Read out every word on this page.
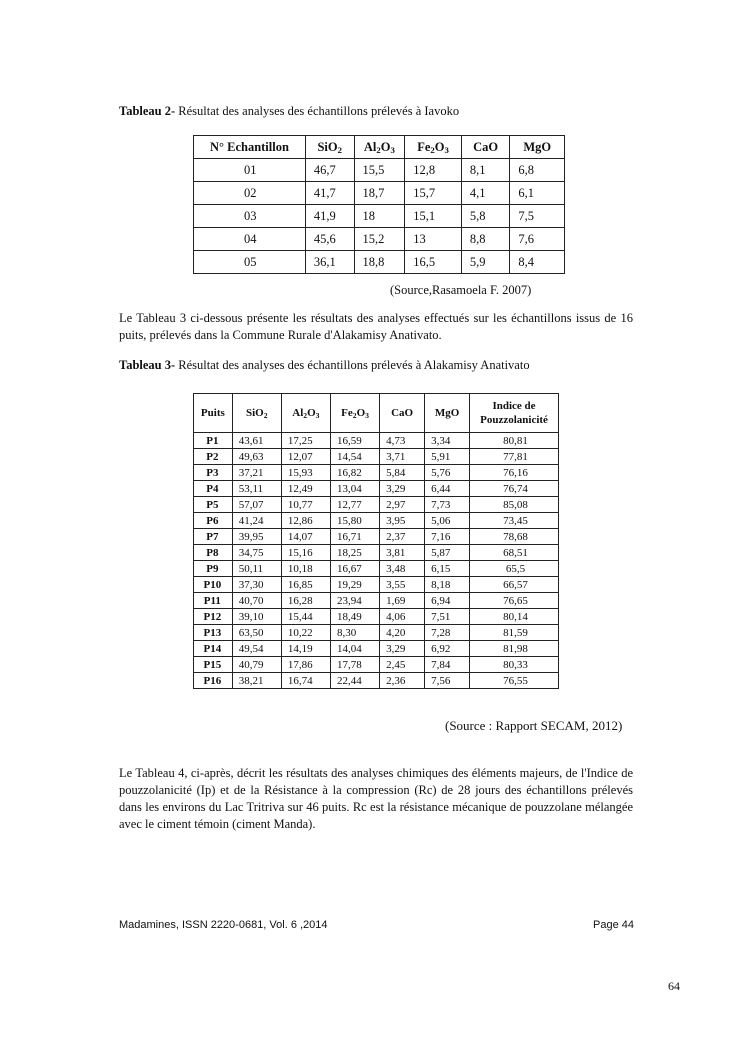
Tableau 2- Résultat des analyses des échantillons prélevés à Iavoko
N° Echantillon	SiO$_2$	$Al_2O_3$	$Fe_2O_3$	CaO	MgO
01	46,7	15,5	12,8	8,1	6,8
02	41,7	18,7	15,7	4,1	6,1
03	41,9	18	15,1	5,8	7,5
04	45,6	15,2	13	8,8	7,6
05	36,1	18,8	16,5	5,9	8,4
(Source,Rasamoela F. 2007)
Le Tableau 3 ci-dessous présente les résultats des analyses effectués sur les échantillons issus de 16 puits, prélevés dans la Commune Rurale d'Alakamisy Anativato.
Tableau 3- Résultat des analyses des échantillons prélevés à Alakamisy Anativato
Puits	SiO$_2$	$Al_2O_3$	$Fe_2O_3$	CaO	MgO	Indice de Pouzzolanicité
P1	43,61	17,25	16,59	4,73	3,34	80,81
P2	49,63	12,07	14,54	3,71	5,91	77,81
P3	37,21	15,93	16,82	5,84	5,76	76,16
P4	53,11	12,49	13,04	3,29	6,44	76,74
P5	57,07	10,77	12,77	2,97	7,73	85,08
P6	41,24	12,86	15,80	3,95	5,06	73,45
P7	39,95	14,07	16,71	2,37	7,16	78,68
P8	34,75	15,16	18,25	3,81	5,87	68,51
P9	50,11	10,18	16,67	3,48	6,15	65,5
P10	37,30	16,85	19,29	3,55	8,18	66,57
P11	40,70	16,28	23,94	1,69	6,94	76,65
P12	39,10	15,44	18,49	4,06	7,51	80,14
P13	63,50	10,22	8,30	4,20	7,28	81,59
P14	49,54	14,19	14,04	3,29	6,92	81,98
P15	40,79	17,86	17,78	2,45	7,84	80,33
P16	38,21	16,74	22,44	2,36	7,56	76,55
(Source : Rapport SECAM, 2012)
Le Tableau 4, ci-après, décrit les résultats des analyses chimiques des éléments majeurs, de l'Indice de pouzzolanicité (Ip) et de la Résistance à la compression (Rc) de 28 jours des échantillons prélevés dans les environs du Lac Tritriva sur 46 puits. Rc est la résistance mécanique de pouzzolane mélangée avec le ciment témoin (ciment Manda).
Madamines, ISSN 2220-0681, Vol. 6 ,2014	Page 44
64
